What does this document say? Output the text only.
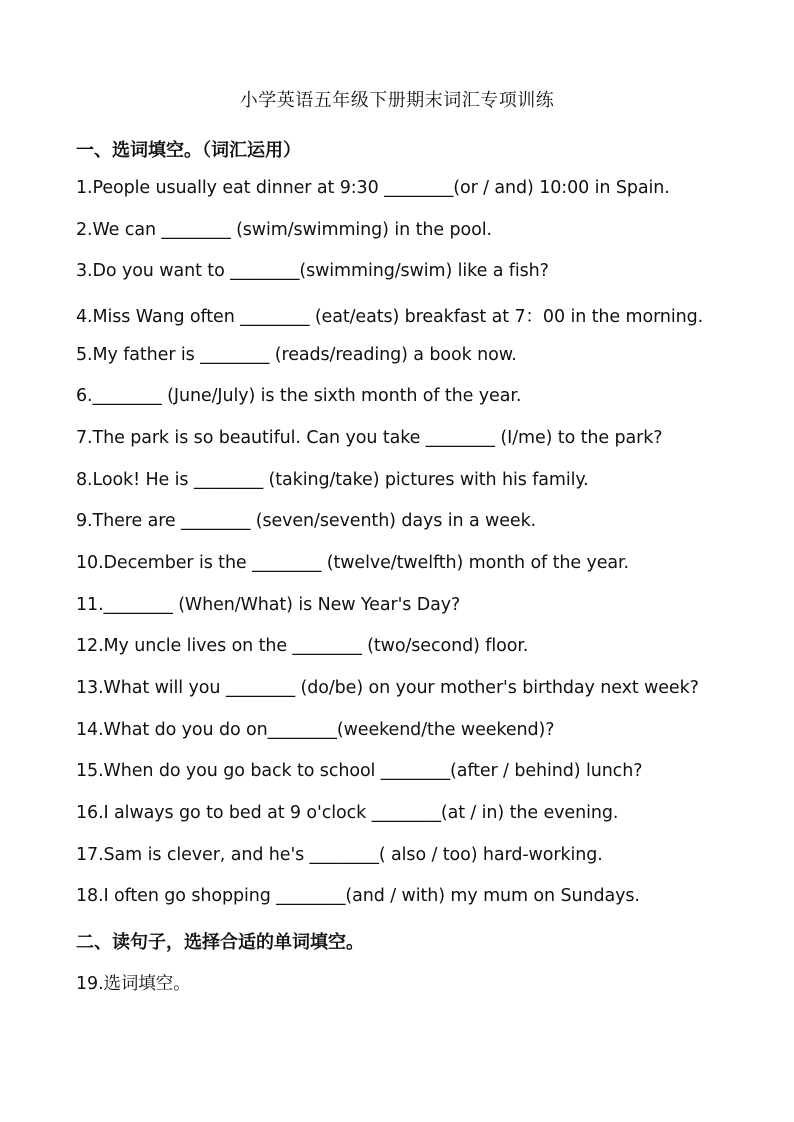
小学英语五年级下册期末词汇专项训练
一、选词填空。（词汇运用）
1.People usually eat dinner at 9:30 ________(or / and) 10:00 in Spain.
2.We can ________ (swim/swimming) in the pool.
3.Do you want to ________(swimming/swim) like a fish?
4.Miss Wang often ________ (eat/eats) breakfast at 7：00 in the morning.
5.My father is ________ (reads/reading) a book now.
6.________ (June/July) is the sixth month of the year.
7.The park is so beautiful. Can you take ________ (I/me) to the park?
8.Look! He is ________ (taking/take) pictures with his family.
9.There are ________ (seven/seventh) days in a week.
10.December is the ________ (twelve/twelfth) month of the year.
11.________ (When/What) is New Year's Day?
12.My uncle lives on the ________ (two/second) floor.
13.What will you ________ (do/be) on your mother's birthday next week?
14.What do you do on________(weekend/the weekend)?
15.When do you go back to school ________(after / behind) lunch?
16.I always go to bed at 9 o'clock ________(at / in) the evening.
17.Sam is clever, and he's ________( also / too) hard-working.
18.I often go shopping ________(and / with) my mum on Sundays.
二、读句子，选择合适的单词填空。
19.选词填空。
